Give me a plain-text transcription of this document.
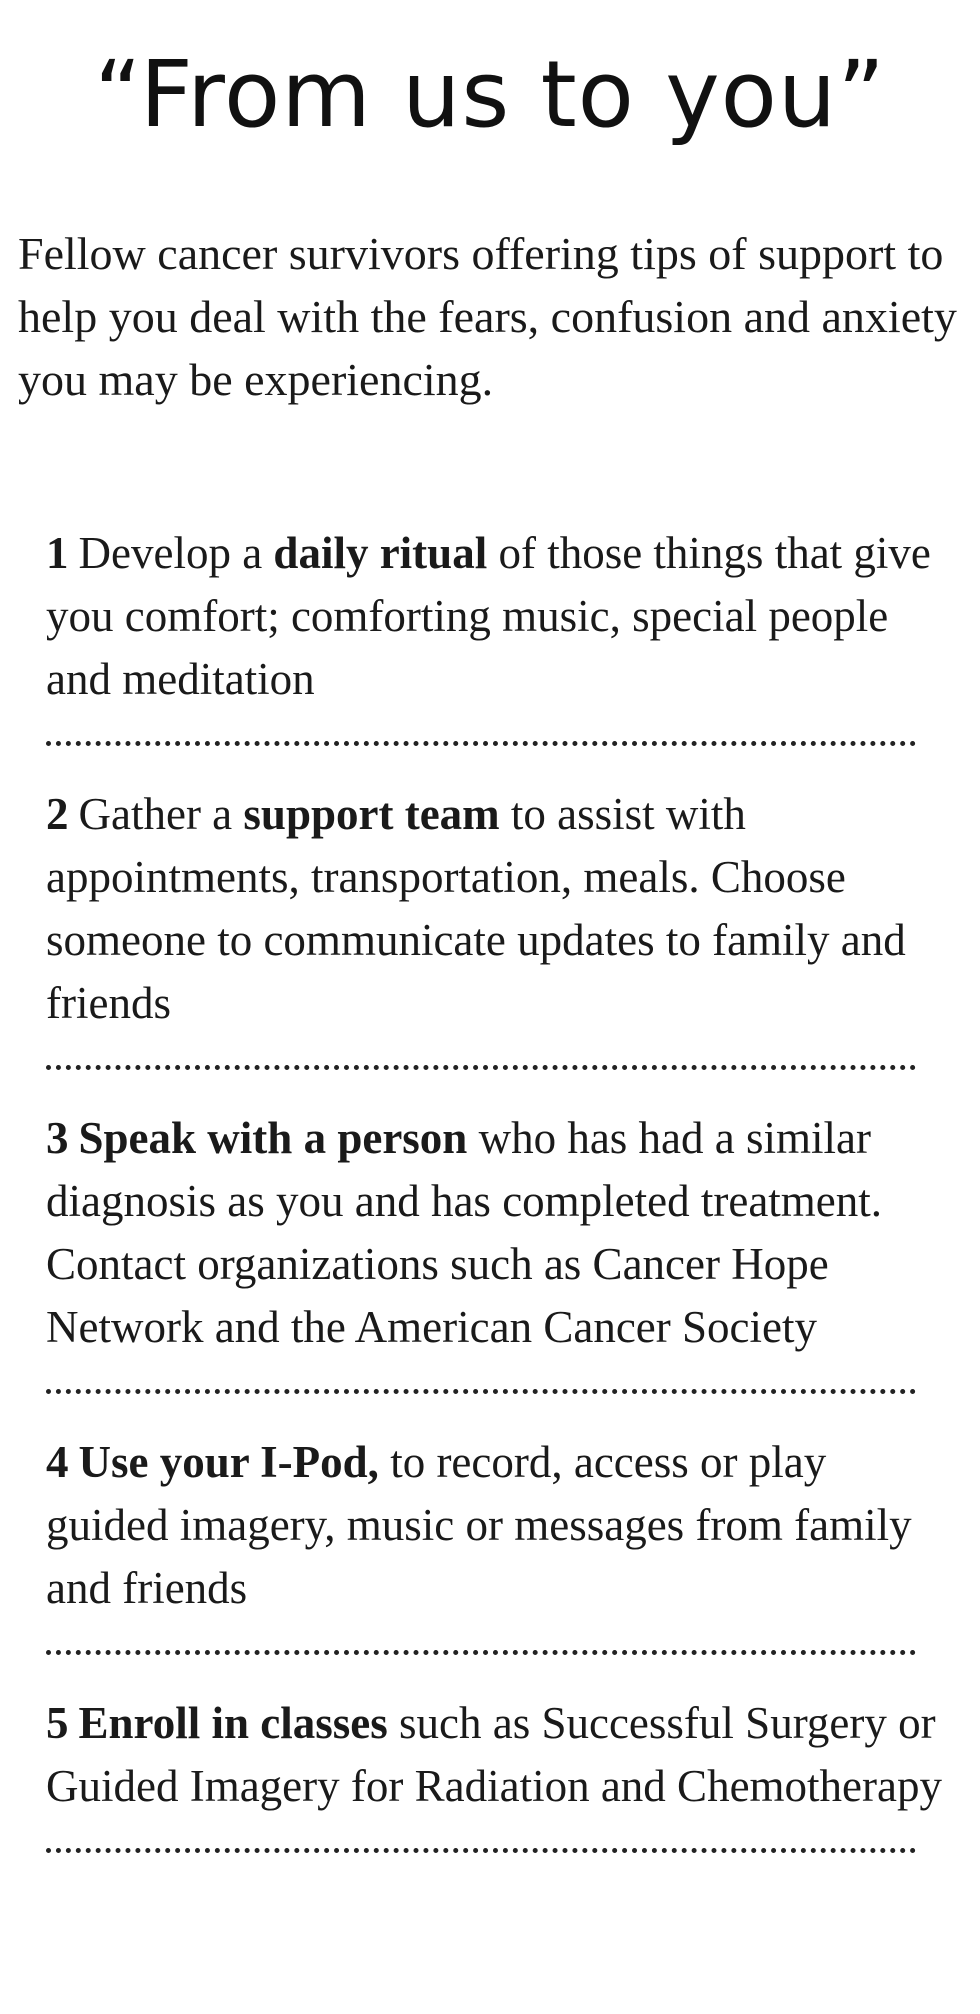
“From us to you”
Fellow cancer survivors offering tips of support to help you deal with the fears, confusion and anxiety you may be experiencing.
1 Develop a daily ritual of those things that give you comfort; comforting music, special people and meditation
2 Gather a support team to assist with appointments, transportation, meals. Choose someone to communicate updates to family and friends
3 Speak with a person who has had a similar diagnosis as you and has completed treatment. Contact organizations such as Cancer Hope Network and the American Cancer Society
4 Use your I-Pod, to record, access or play guided imagery, music or messages from family and friends
5 Enroll in classes such as Successful Surgery or Guided Imagery for Radiation and Chemotherapy
